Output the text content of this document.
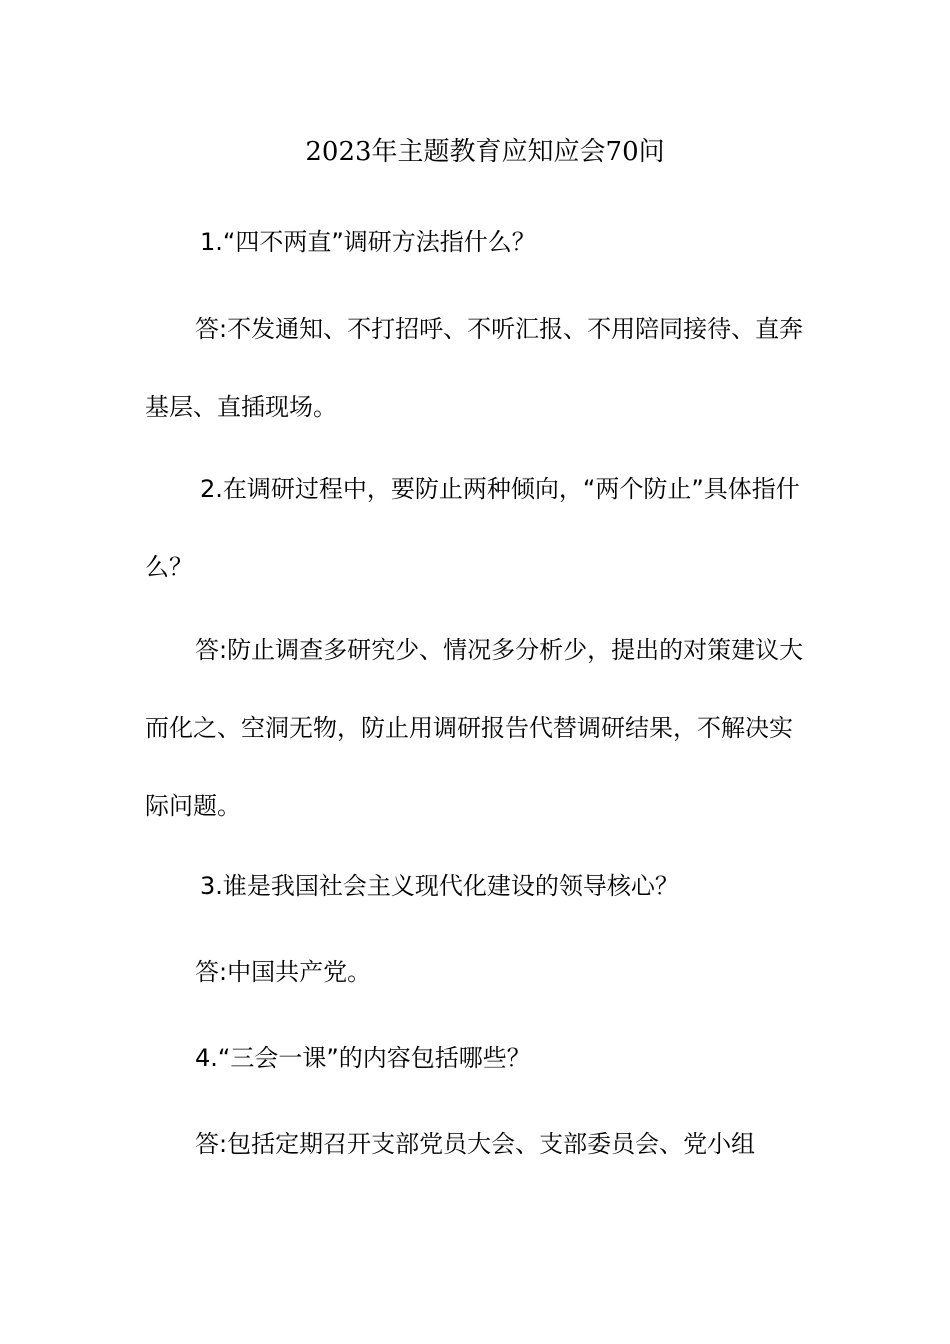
2023年主题教育应知应会70问

1.“四不两直”调研方法指什么？

答:不发通知、不打招呼、不听汇报、不用陪同接待、直奔基层、直插现场。

2.在调研过程中，要防止两种倾向，“两个防止”具体指什么？

答:防止调查多研究少、情况多分析少，提出的对策建议大而化之、空洞无物，防止用调研报告代替调研结果，不解决实际问题。

3.谁是我国社会主义现代化建设的领导核心？

答:中国共产党。

4.“三会一课”的内容包括哪些？

答:包括定期召开支部党员大会、支部委员会、党小组
